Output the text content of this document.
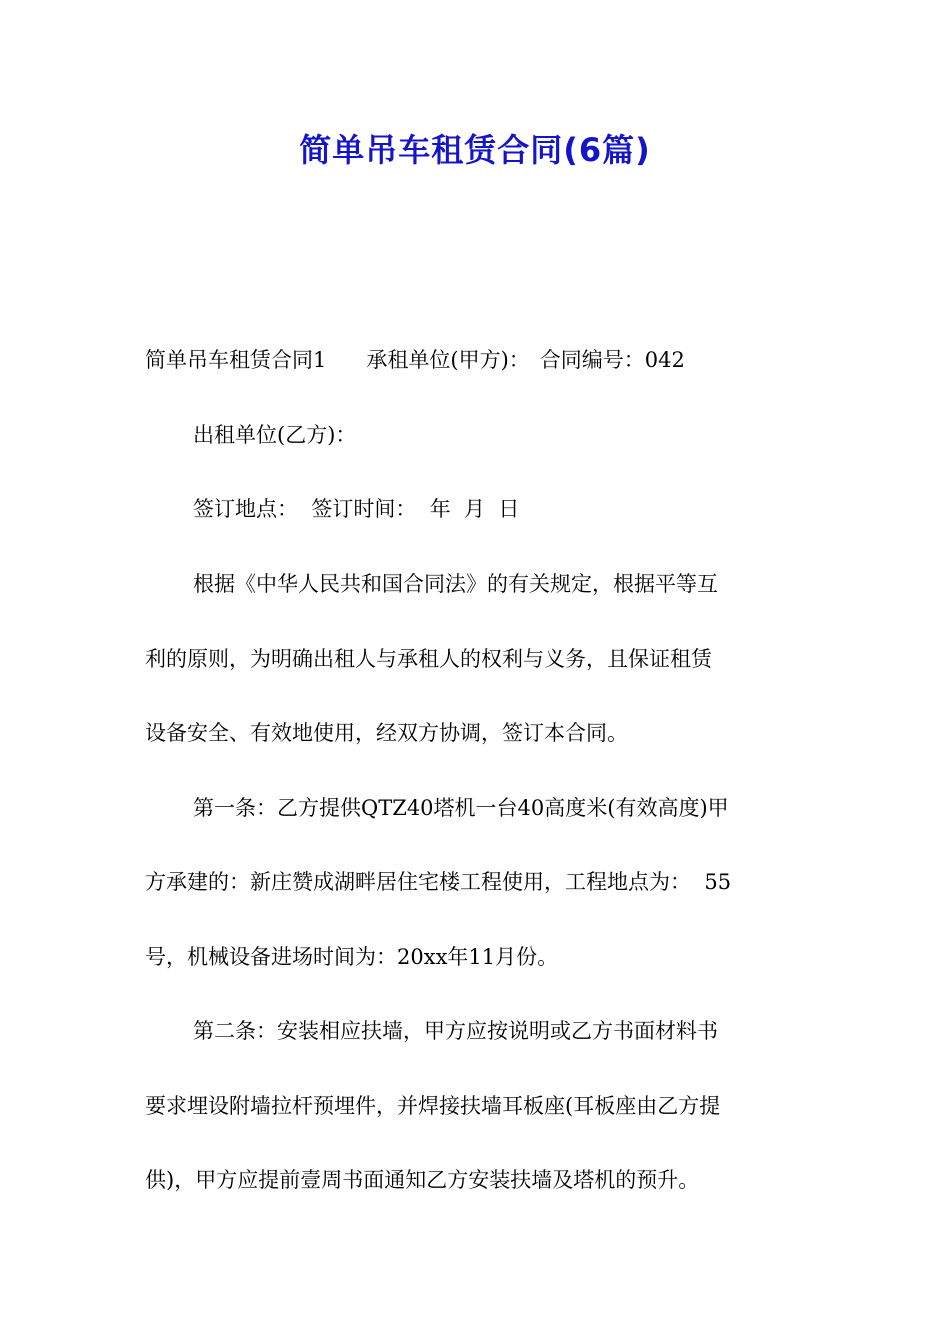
简单吊车租赁合同(6篇)
简单吊车租赁合同1 承租单位(甲方)： 合同编号：042
出租单位(乙方)：
签订地点：  签订时间：  年  月  日
根据《中华人民共和国合同法》的有关规定，根据平等互
利的原则，为明确出租人与承租人的权利与义务，且保证租赁
设备安全、有效地使用，经双方协调，签订本合同。
第一条：乙方提供QTZ40塔机一台40高度米(有效高度)甲
方承建的：新庄赞成湖畔居住宅楼工程使用，工程地点为：  55
号，机械设备进场时间为：20xx年11月份。
第二条：安装相应扶墙，甲方应按说明或乙方书面材料书
要求埋设附墙拉杆预埋件，并焊接扶墙耳板座(耳板座由乙方提
供)，甲方应提前壹周书面通知乙方安装扶墙及塔机的预升。
